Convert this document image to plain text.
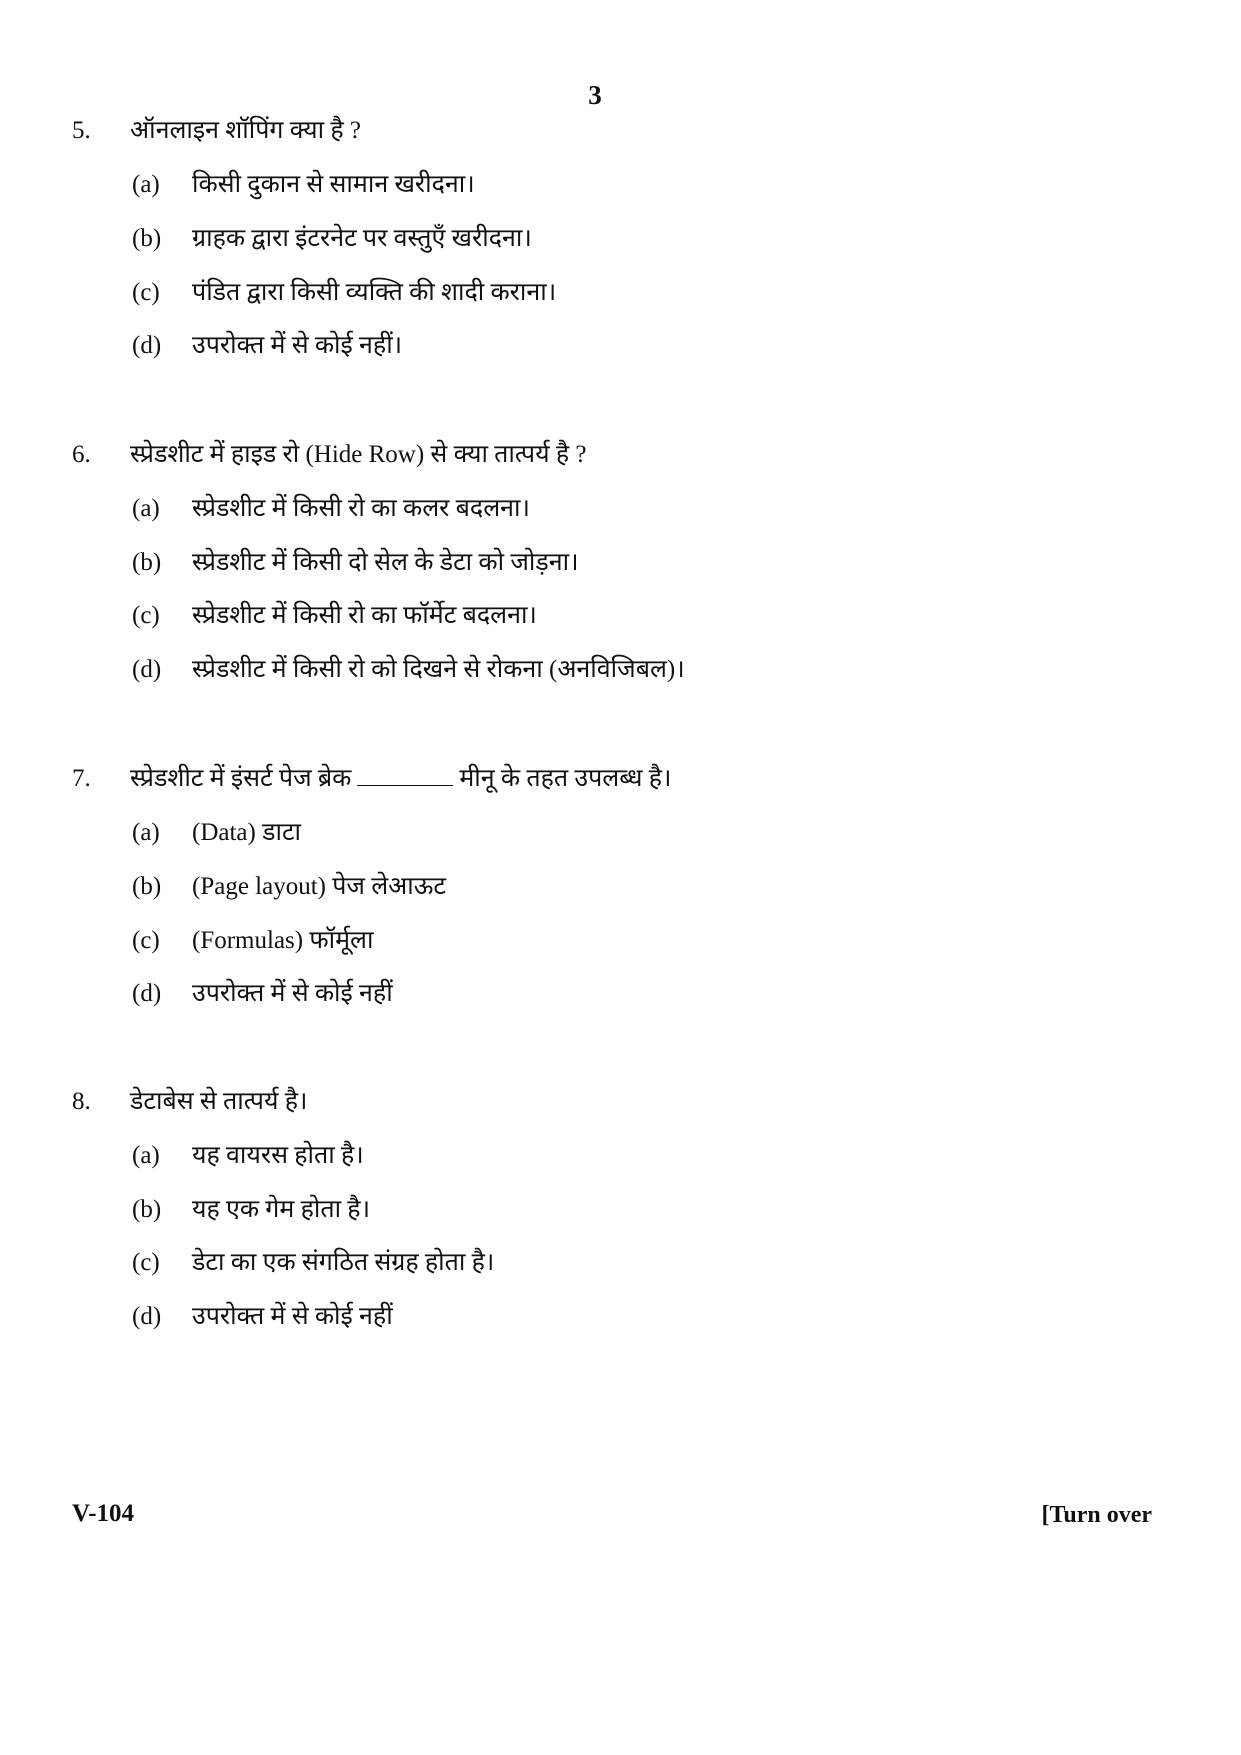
3
5. ऑनलाइन शॉपिंग क्या है ?
(a) किसी दुकान से सामान खरीदना।
(b) ग्राहक द्वारा इंटरनेट पर वस्तुएँ खरीदना।
(c) पंडित द्वारा किसी व्यक्ति की शादी कराना।
(d) उपरोक्त में से कोई नहीं।
6. स्प्रेडशीट में हाइड रो (Hide Row) से क्या तात्पर्य है ?
(a) स्प्रेडशीट में किसी रो का कलर बदलना।
(b) स्प्रेडशीट में किसी दो सेल के डेटा को जोड़ना।
(c) स्प्रेडशीट में किसी रो का फॉर्मेट बदलना।
(d) स्प्रेडशीट में किसी रो को दिखने से रोकना (अनविजिबल)।
7. स्प्रेडशीट में इंसर्ट पेज ब्रेक	मीनू के तहत उपलब्ध है।
(a) (Data) डाटा
(b) (Page layout) पेज लेआऊट
(c) (Formulas) फॉर्मूला
(d) उपरोक्त में से कोई नहीं
8. डेटाबेस से तात्पर्य है।
(a) यह वायरस होता है।
(b) यह एक गेम होता है।
(c) डेटा का एक संगठित संग्रह होता है।
(d) उपरोक्त में से कोई नहीं
V-104	[Turn over
